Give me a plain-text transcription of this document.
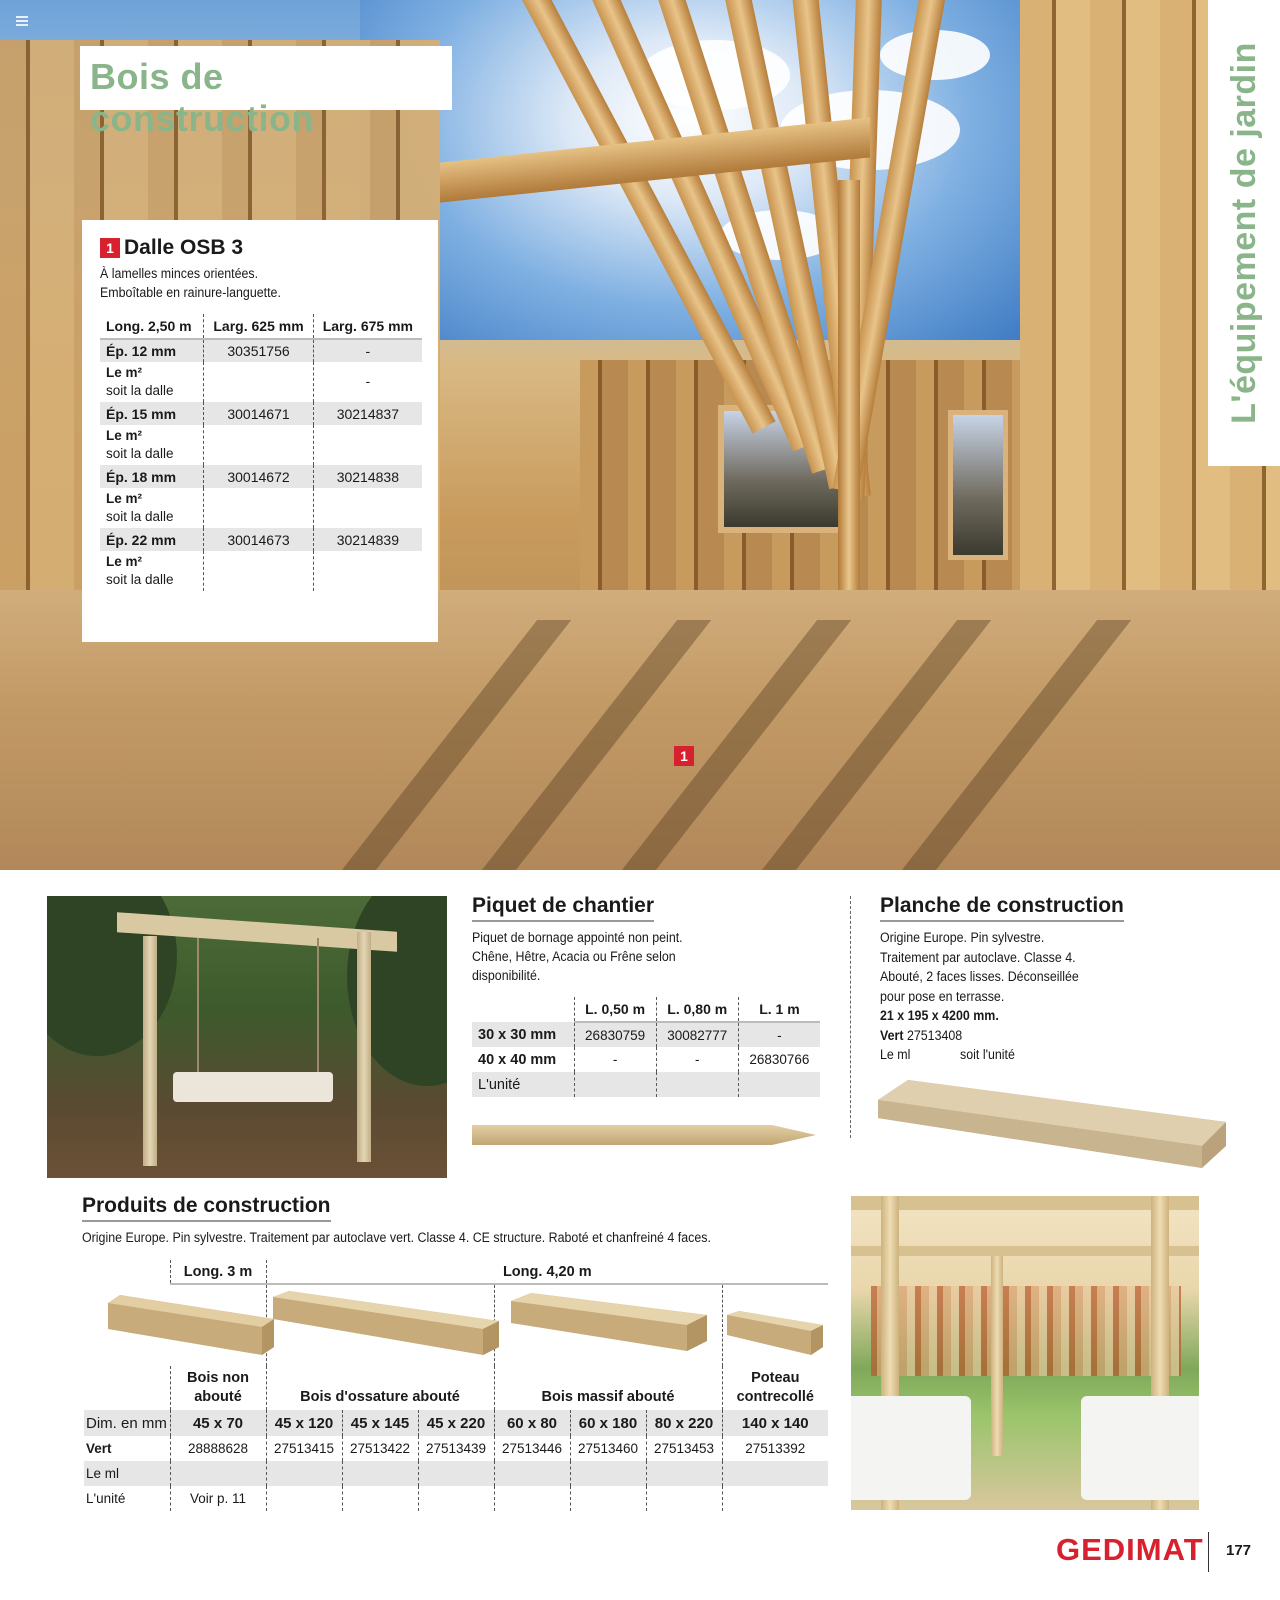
Bois de construction	L'équipement de jardin
1
1 Dalle OSB 3
À lamelles minces orientées.
Emboîtable en rainure-languette.
Long. 2,50 m	Larg. 625 mm	Larg. 675 mm
Ép. 12 mm	30351756	-
Le m²
soit la dalle		-
Ép. 15 mm	30014671	30214837
Le m²
soit la dalle		

Ép. 18 mm	30014672	30214838
Le m²
soit la dalle		

Ép. 22 mm	30014673	30214839
Le m²
soit la dalle		

Piquet de chantier
Piquet de bornage appointé non peint.
Chêne, Hêtre, Acacia ou Frêne selon
disponibilité.
	L. 0,50 m	L. 0,80 m	L. 1 m
30 x 30 mm	26830759	30082777	-
40 x 40 mm	-	-	26830766
L'unité			
Planche de construction
Origine Europe. Pin sylvestre.
Traitement par autoclave. Classe 4.
Abouté, 2 faces lisses. Déconseillée
pour pose en terrasse.
21 x 195 x 4200 mm.
Vert 27513408
Le ml	soit l'unité
Produits de construction
Origine Europe. Pin sylvestre. Traitement par autoclave vert. Classe 4. CE structure. Raboté et chanfreiné 4 faces.
	Long. 3 m	Long. 4,20 m						

	Bois non abouté	Bois d'ossature abouté			Bois massif abouté			Poteau contrecollé
Dim. en mm	45 x 70	45 x 120	45 x 145	45 x 220	60 x 80	60 x 180	80 x 220	140 x 140
Vert	28888628	27513415	27513422	27513439	27513446	27513460	27513453	27513392
Le ml								
L'unité	Voir p. 11							
GEDIMAT 177
